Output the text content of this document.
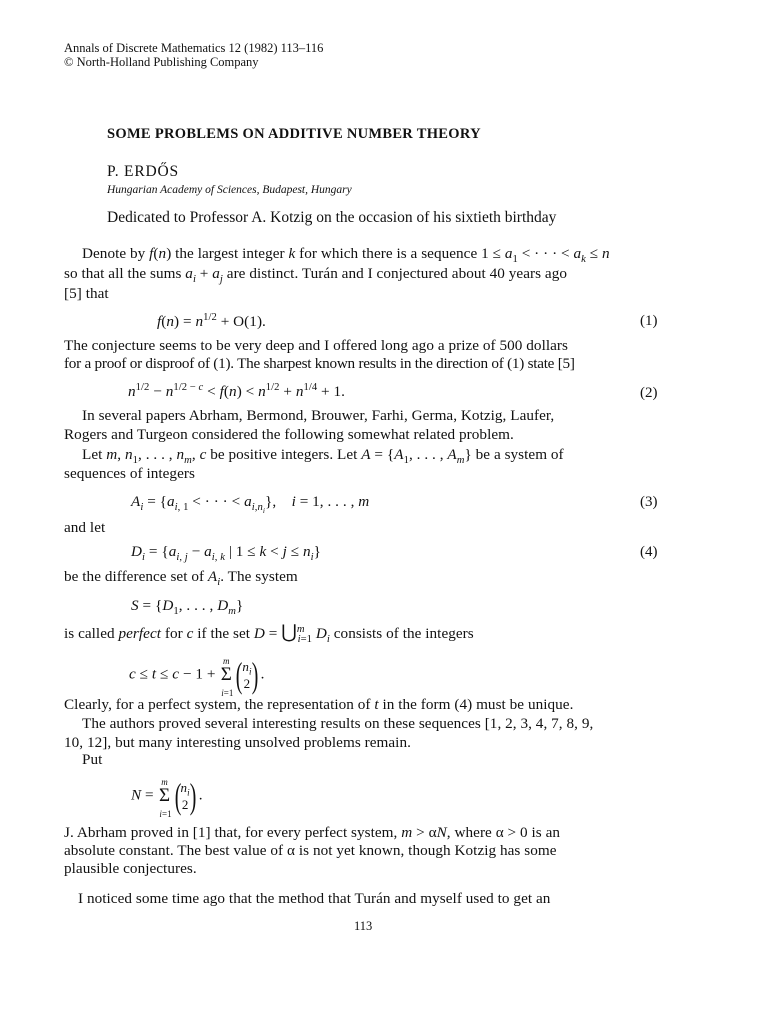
Annals of Discrete Mathematics 12 (1982) 113–116
© North-Holland Publishing Company
SOME PROBLEMS ON ADDITIVE NUMBER THEORY
P. ERDŐS
Hungarian Academy of Sciences, Budapest, Hungary
Dedicated to Professor A. Kotzig on the occasion of his sixtieth birthday
Denote by f(n) the largest integer k for which there is a sequence $1 \le a_1$ < · · · < $a_k \le n$
so that all the sums $a_i + a_j$ are distinct. Turán and I conjectured about 40 years ago
[5] that
$f(n) = n^{1/2} + O(1)$.	(1)
The conjecture seems to be very deep and I offered long ago a prize of 500 dollars
for a proof or disproof of (1). The sharpest known results in the direction of (1) state [5]
$n^{1/2} - n^{1/2 - c} < f(n) < n^{1/2} + n^{1/4} + 1$.	(2)
In several papers Abrham, Bermond, Brouwer, Farhi, Germa, Kotzig, Laufer,
Rogers and Turgeon considered the following somewhat related problem.
Let m, $n_1$, . . . , $n_m$, c be positive integers. Let $A = \{A_1$, . . . , $A_m$} be a system of
sequences of integers
$A_i = \{a_{i, 1}$ < · · · < $a_{i,n_i}$},    i = 1, . . . , m	(3)
and let
$D_i = \{a_{i, j} - a_{i, k}$ | $1 \le k < j \le n_i$}	(4)
be the difference set of $A_i$. The system
$S = \{D_1$, . . . , $D_m$}
is called perfect for c if the set D = ⋃$^m_{i=1}$ $D_i$ consists of the integers
c ≤ t ≤ c − 1 +
m
Σ
i=1 ($n_i$
2) .
Clearly, for a perfect system, the representation of t in the form (4) must be unique.
The authors proved several interesting results on these sequences [1, 2, 3, 4, 7, 8, 9,
10, 12], but many interesting unsolved problems remain.
Put
N =
m
Σ
i=1 ($n_i$
2) .
J. Abrham proved in [1] that, for every perfect system, m > αN, where α > 0 is an
absolute constant. The best value of α is not yet known, though Kotzig has some
plausible conjectures.
I noticed some time ago that the method that Turán and myself used to get an
113
